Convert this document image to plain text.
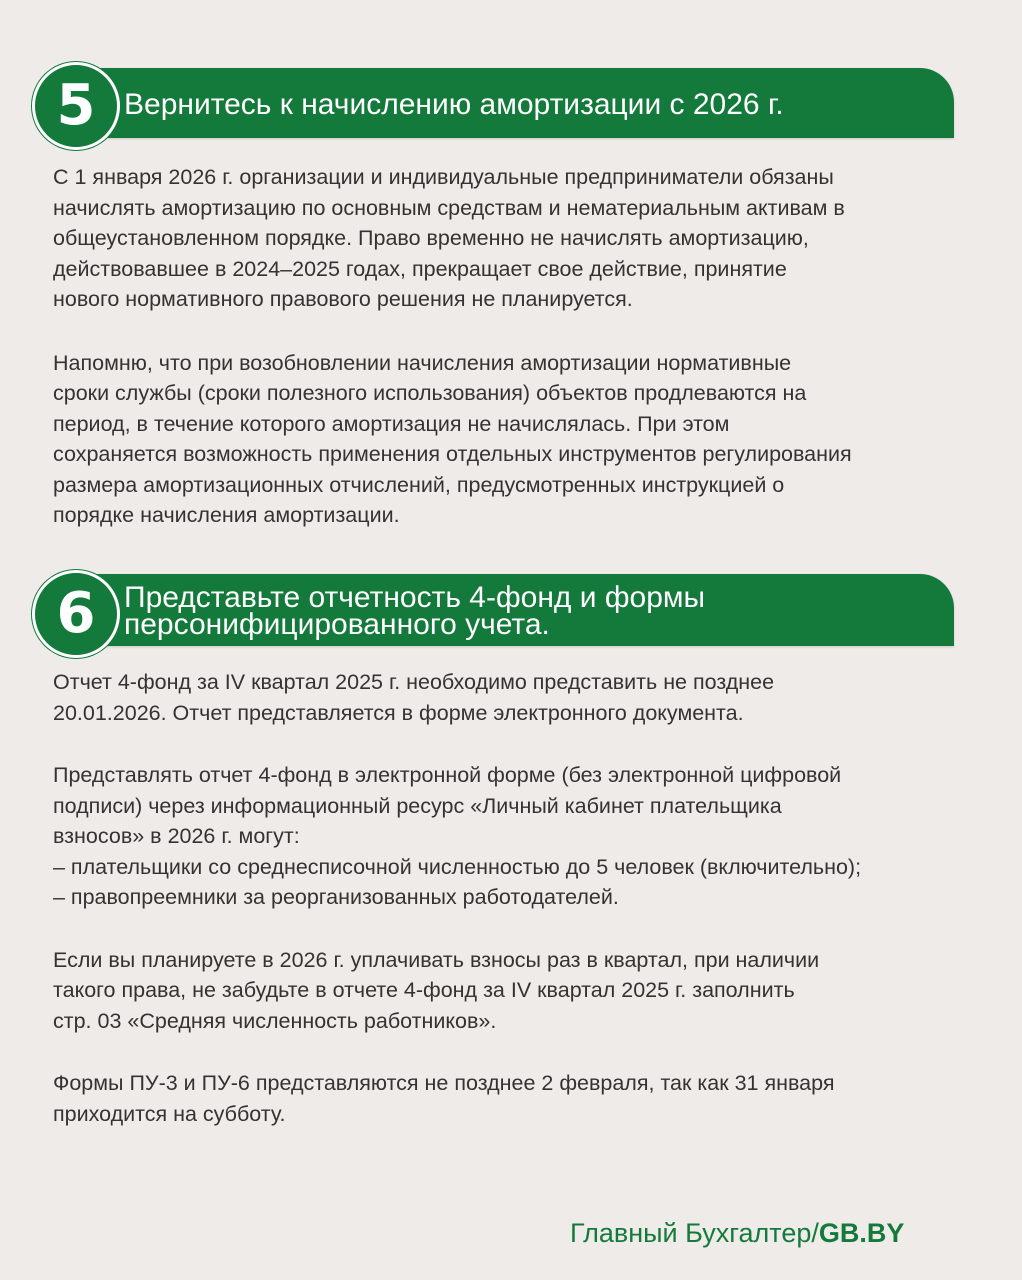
5 Вернитесь к начислению амортизации с 2026 г.

С 1 января 2026 г. организации и индивидуальные предприниматели обязаны
начислять амортизацию по основным средствам и нематериальным активам в
общеустановленном порядке. Право временно не начислять амортизацию,
действовавшее в 2024–2025 годах, прекращает свое действие, принятие
нового нормативного правового решения не планируется.

Напомню, что при возобновлении начисления амортизации нормативные
сроки службы (сроки полезного использования) объектов продлеваются на
период, в течение которого амортизация не начислялась. При этом
сохраняется возможность применения отдельных инструментов регулирования
размера амортизационных отчислений, предусмотренных инструкцией о
порядке начисления амортизации.

6 Представьте отчетность 4-фонд и формы
персонифицированного учета.

Отчет 4-фонд за IV квартал 2025 г. необходимо представить не позднее
20.01.2026. Отчет представляется в форме электронного документа.

Представлять отчет 4-фонд в электронной форме (без электронной цифровой
подписи) через информационный ресурс «Личный кабинет плательщика
взносов» в 2026 г. могут:
– плательщики со среднесписочной численностью до 5 человек (включительно);
– правопреемники за реорганизованных работодателей.

Если вы планируете в 2026 г. уплачивать взносы раз в квартал, при наличии
такого права, не забудьте в отчете 4-фонд за IV квартал 2025 г. заполнить
стр. 03 «Средняя численность работников».

Формы ПУ-3 и ПУ-6 представляются не позднее 2 февраля, так как 31 января
приходится на субботу.

Главный Бухгалтер/GB.BY
